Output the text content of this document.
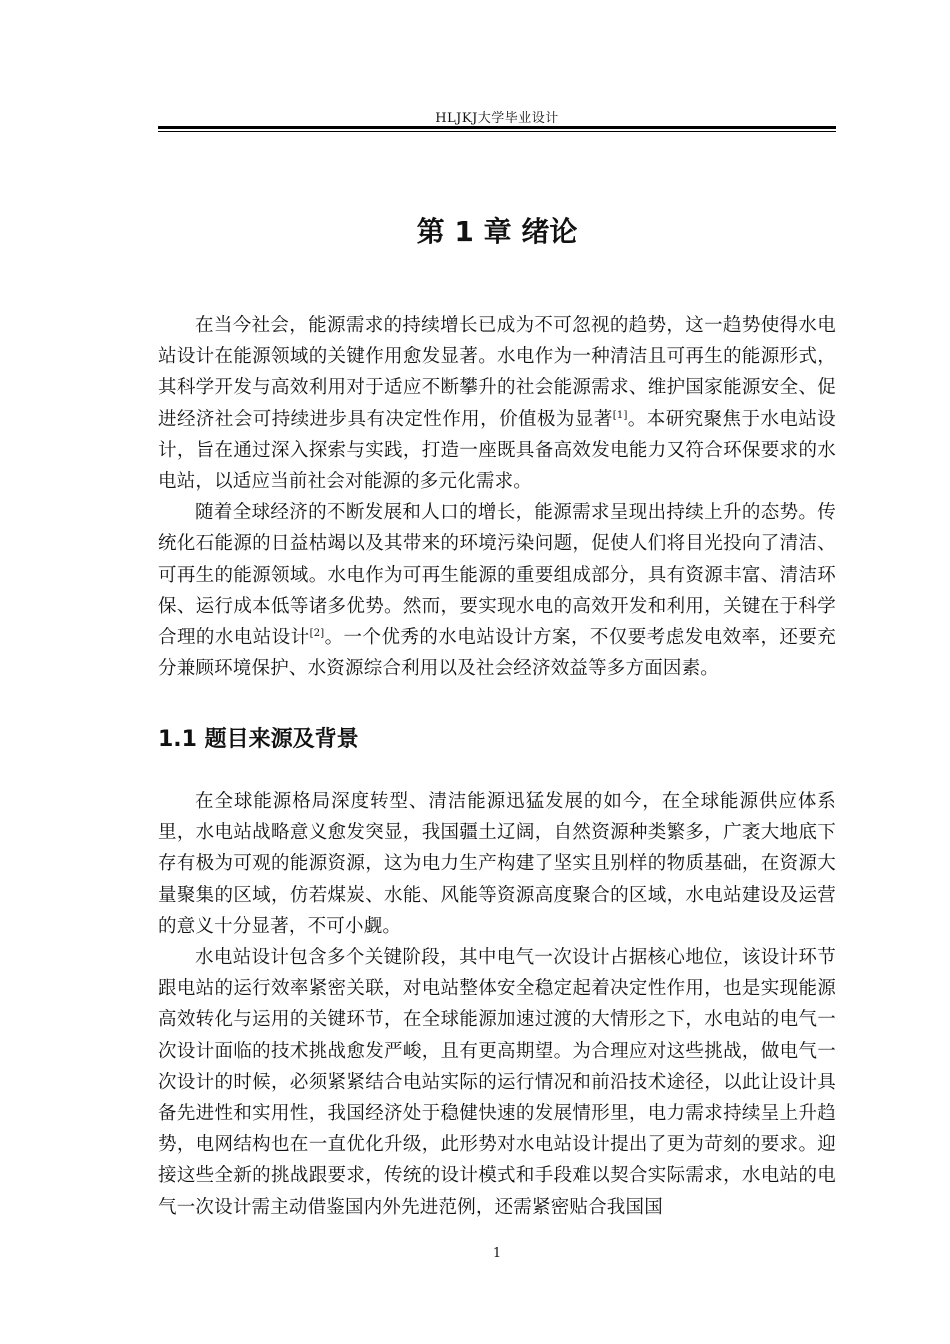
HLJKJ大学毕业设计
第 1 章 绪论

在当今社会，能源需求的持续增长已成为不可忽视的趋势，这一趋势使得水电站设计在能源领域的关键作用愈发显著。水电作为一种清洁且可再生的能源形式，其科学开发与高效利用对于适应不断攀升的社会能源需求、维护国家能源安全、促进经济社会可持续进步具有决定性作用，价值极为显著[1]。本研究聚焦于水电站设计，旨在通过深入探索与实践，打造一座既具备高效发电能力又符合环保要求的水电站，以适应当前社会对能源的多元化需求。

随着全球经济的不断发展和人口的增长，能源需求呈现出持续上升的态势。传统化石能源的日益枯竭以及其带来的环境污染问题，促使人们将目光投向了清洁、可再生的能源领域。水电作为可再生能源的重要组成部分，具有资源丰富、清洁环保、运行成本低等诸多优势。然而，要实现水电的高效开发和利用，关键在于科学合理的水电站设计[2]。一个优秀的水电站设计方案，不仅要考虑发电效率，还要充分兼顾环境保护、水资源综合利用以及社会经济效益等多方面因素。

1.1 题目来源及背景

在全球能源格局深度转型、清洁能源迅猛发展的如今，在全球能源供应体系里，水电站战略意义愈发突显，我国疆土辽阔，自然资源种类繁多，广袤大地底下存有极为可观的能源资源，这为电力生产构建了坚实且别样的物质基础，在资源大量聚集的区域，仿若煤炭、水能、风能等资源高度聚合的区域，水电站建设及运营的意义十分显著，不可小觑。

水电站设计包含多个关键阶段，其中电气一次设计占据核心地位，该设计环节跟电站的运行效率紧密关联，对电站整体安全稳定起着决定性作用，也是实现能源高效转化与运用的关键环节，在全球能源加速过渡的大情形之下，水电站的电气一次设计面临的技术挑战愈发严峻，且有更高期望。为合理应对这些挑战，做电气一次设计的时候，必须紧紧结合电站实际的运行情况和前沿技术途径，以此让设计具备先进性和实用性，我国经济处于稳健快速的发展情形里，电力需求持续呈上升趋势，电网结构也在一直优化升级，此形势对水电站设计提出了更为苛刻的要求。迎接这些全新的挑战跟要求，传统的设计模式和手段难以契合实际需求，水电站的电气一次设计需主动借鉴国内外先进范例，还需紧密贴合我国国

1
